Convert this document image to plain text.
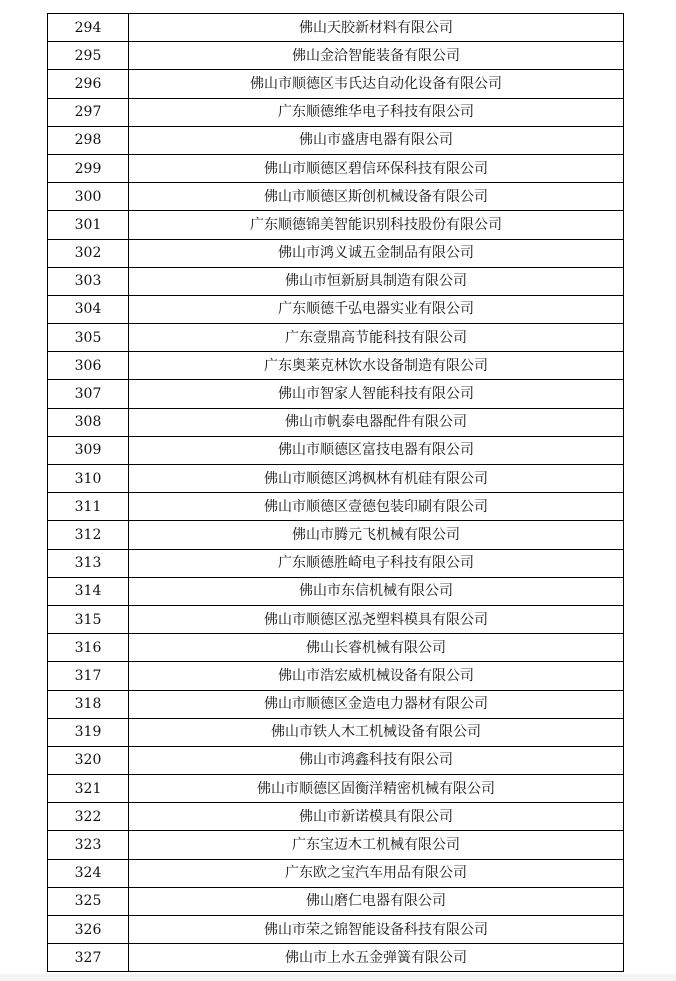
294	佛山天胶新材料有限公司
295	佛山金洽智能装备有限公司
296	佛山市顺德区韦氏达自动化设备有限公司
297	广东顺德维华电子科技有限公司
298	佛山市盛唐电器有限公司
299	佛山市顺德区碧信环保科技有限公司
300	佛山市顺德区斯创机械设备有限公司
301	广东顺德锦美智能识别科技股份有限公司
302	佛山市鸿义诚五金制品有限公司
303	佛山市恒新厨具制造有限公司
304	广东顺德千弘电器实业有限公司
305	广东壹鼎高节能科技有限公司
306	广东奥莱克林饮水设备制造有限公司
307	佛山市智家人智能科技有限公司
308	佛山市帆泰电器配件有限公司
309	佛山市顺德区富技电器有限公司
310	佛山市顺德区鸿枫林有机硅有限公司
311	佛山市顺德区壹德包装印刷有限公司
312	佛山市腾元飞机械有限公司
313	广东顺德胜崎电子科技有限公司
314	佛山市东信机械有限公司
315	佛山市顺德区泓尧塑料模具有限公司
316	佛山长睿机械有限公司
317	佛山市浩宏威机械设备有限公司
318	佛山市顺德区金造电力器材有限公司
319	佛山市铁人木工机械设备有限公司
320	佛山市鸿鑫科技有限公司
321	佛山市顺德区固衡洋精密机械有限公司
322	佛山市新诺模具有限公司
323	广东宝迈木工机械有限公司
324	广东欧之宝汽车用品有限公司
325	佛山磨仁电器有限公司
326	佛山市荣之锦智能设备科技有限公司
327	佛山市上水五金弹簧有限公司
